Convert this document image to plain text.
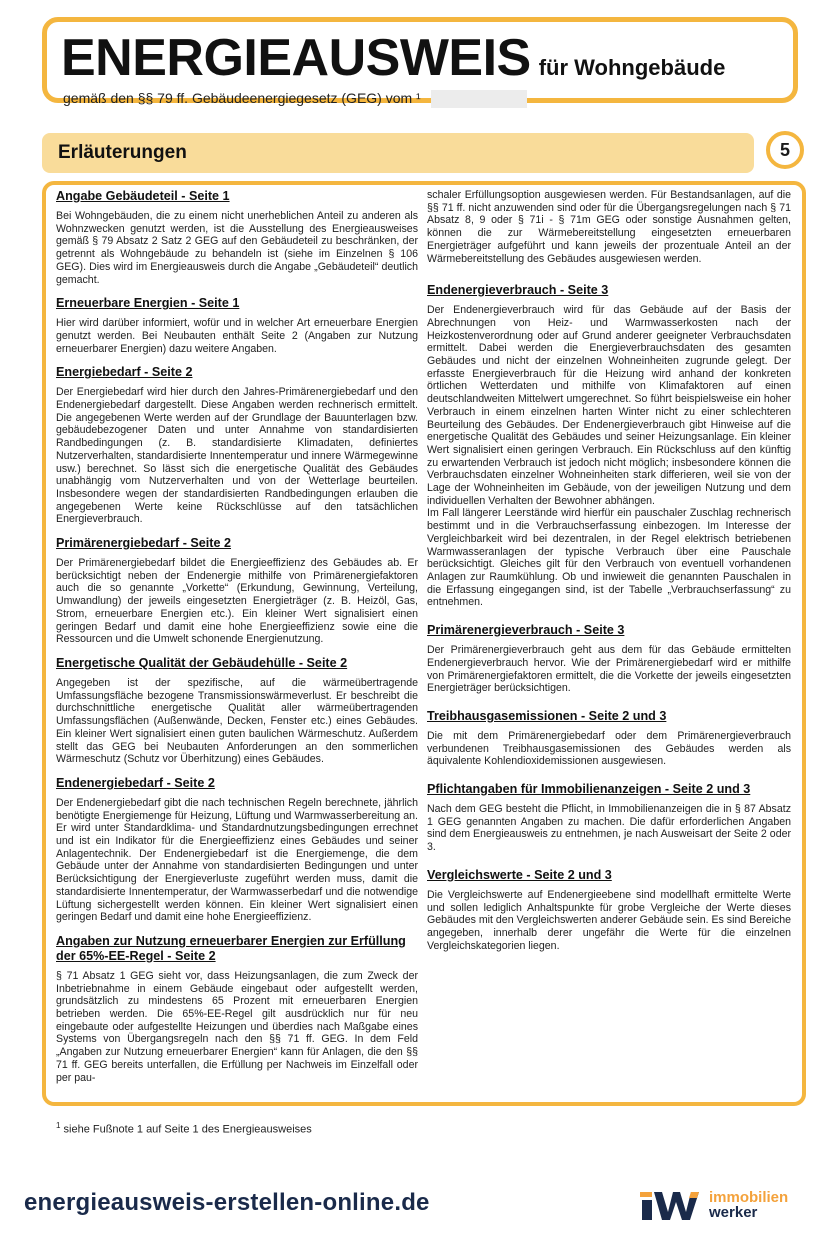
ENERGIEAUSWEIS für Wohngebäude
gemäß den §§ 79 ff. Gebäudeenergiegesetz (GEG) vom ¹
Erläuterungen	5
Angabe Gebäudeteil - Seite 1

Bei Wohngebäuden, die zu einem nicht unerheblichen Anteil zu anderen als Wohnzwecken genutzt werden, ist die Ausstellung des Energieausweises gemäß § 79 Absatz 2 Satz 2 GEG auf den Gebäudeteil zu beschränken, der getrennt als Wohngebäude zu behandeln ist (siehe im Einzelnen § 106 GEG). Dies wird im Energieausweis durch die Angabe „Gebäudeteil“ deutlich gemacht.

Erneuerbare Energien - Seite 1

Hier wird darüber informiert, wofür und in welcher Art erneuerbare Energien genutzt werden. Bei Neubauten enthält Seite 2 (Angaben zur Nutzung erneuerbarer Energien) dazu weitere Angaben.

Energiebedarf - Seite 2

Der Energiebedarf wird hier durch den Jahres-Primärenergiebedarf und den Endenergiebedarf dargestellt. Diese Angaben werden rechnerisch ermittelt. Die angegebenen Werte werden auf der Grundlage der Bauunterlagen bzw. gebäudebezogener Daten und unter Annahme von standardisierten Randbedingungen (z. B. standardisierte Klimadaten, definiertes Nutzerverhalten, standardisierte Innentemperatur und innere Wärmegewinne usw.) berechnet. So lässt sich die energetische Qualität des Gebäudes unabhängig vom Nutzerverhalten und von der Wetterlage beurteilen. Insbesondere wegen der standardisierten Randbedingungen erlauben die angegebenen Werte keine Rückschlüsse auf den tatsächlichen Energieverbrauch.

Primärenergiebedarf - Seite 2

Der Primärenergiebedarf bildet die Energieeffizienz des Gebäudes ab. Er berücksichtigt neben der Endenergie mithilfe von Primärenergiefaktoren auch die so genannte „Vorkette“ (Erkundung, Gewinnung, Verteilung, Umwandlung) der jeweils eingesetzten Energieträger (z. B. Heizöl, Gas, Strom, erneuerbare Energien etc.). Ein kleiner Wert signalisiert einen geringen Bedarf und damit eine hohe Energieeffizienz sowie eine die Ressourcen und die Umwelt schonende Energienutzung.

Energetische Qualität der Gebäudehülle - Seite 2

Angegeben ist der spezifische, auf die wärmeübertragende Umfassungsfläche bezogene Transmissionswärmeverlust. Er beschreibt die durchschnittliche energetische Qualität aller wärmeübertragenden Umfassungsflächen (Außenwände, Decken, Fenster etc.) eines Gebäudes. Ein kleiner Wert signalisiert einen guten baulichen Wärmeschutz. Außerdem stellt das GEG bei Neubauten Anforderungen an den sommerlichen Wärmeschutz (Schutz vor Überhitzung) eines Gebäudes.

Endenergiebedarf - Seite 2

Der Endenergiebedarf gibt die nach technischen Regeln berechnete, jährlich benötigte Energiemenge für Heizung, Lüftung und Warmwasserbereitung an. Er wird unter Standardklima- und Standardnutzungsbedingungen errechnet und ist ein Indikator für die Energieeffizienz eines Gebäudes und seiner Anlagentechnik. Der Endenergiebedarf ist die Energiemenge, die dem Gebäude unter der Annahme von standardisierten Bedingungen und unter Berücksichtigung der Energieverluste zugeführt werden muss, damit die standardisierte Innentemperatur, der Warmwasserbedarf und die notwendige Lüftung sichergestellt werden können. Ein kleiner Wert signalisiert einen geringen Bedarf und damit eine hohe Energieeffizienz.

Angaben zur Nutzung erneuerbarer Energien zur Erfüllung der 65%-EE-Regel - Seite 2

§ 71 Absatz 1 GEG sieht vor, dass Heizungsanlagen, die zum Zweck der Inbetriebnahme in einem Gebäude eingebaut oder aufgestellt werden, grundsätzlich zu mindestens 65 Prozent mit erneuerbaren Energien betrieben werden. Die 65%-EE-Regel gilt ausdrücklich nur für neu eingebaute oder aufgestellte Heizungen und überdies nach Maßgabe eines Systems von Übergangsregeln nach den §§ 71 ff. GEG. In dem Feld „Angaben zur Nutzung erneuerbarer Energien“ kann für Anlagen, die den §§ 71 ff. GEG bereits unterfallen, die Erfüllung per Nachweis im Einzelfall oder per pau-

schaler Erfüllungsoption ausgewiesen werden. Für Bestandsanlagen, auf die §§ 71 ff. nicht anzuwenden sind oder für die Übergangsregelungen nach § 71 Absatz 8, 9 oder § 71i - § 71m GEG oder sonstige Ausnahmen gelten, können die zur Wärmebereitstellung eingesetzten erneuerbaren Energieträger aufgeführt und kann jeweils der prozentuale Anteil an der Wärmebereitstellung des Gebäudes ausgewiesen werden.

Endenergieverbrauch - Seite 3

Der Endenergieverbrauch wird für das Gebäude auf der Basis der Abrechnungen von Heiz- und Warmwasserkosten nach der Heizkostenverordnung oder auf Grund anderer geeigneter Verbrauchsdaten ermittelt. Dabei werden die Energieverbrauchsdaten des gesamten Gebäudes und nicht der einzelnen Wohneinheiten zugrunde gelegt. Der erfasste Energieverbrauch für die Heizung wird anhand der konkreten örtlichen Wetterdaten und mithilfe von Klimafaktoren auf einen deutschlandweiten Mittelwert umgerechnet. So führt beispielsweise ein hoher Verbrauch in einem einzelnen harten Winter nicht zu einer schlechteren Beurteilung des Gebäudes. Der Endenergieverbrauch gibt Hinweise auf die energetische Qualität des Gebäudes und seiner Heizungsanlage. Ein kleiner Wert signalisiert einen geringen Verbrauch. Ein Rückschluss auf den künftig zu erwartenden Verbrauch ist jedoch nicht möglich; insbesondere können die Verbrauchsdaten einzelner Wohneinheiten stark differieren, weil sie von der Lage der Wohneinheiten im Gebäude, von der jeweiligen Nutzung und dem individuellen Verhalten der Bewohner abhängen.

Im Fall längerer Leerstände wird hierfür ein pauschaler Zuschlag rechnerisch bestimmt und in die Verbrauchserfassung einbezogen. Im Interesse der Vergleichbarkeit wird bei dezentralen, in der Regel elektrisch betriebenen Warmwasseranlagen der typische Verbrauch über eine Pauschale berücksichtigt. Gleiches gilt für den Verbrauch von eventuell vorhandenen Anlagen zur Raumkühlung. Ob und inwieweit die genannten Pauschalen in die Erfassung eingegangen sind, ist der Tabelle „Verbrauchserfassung“ zu entnehmen.

Primärenergieverbrauch - Seite 3

Der Primärenergieverbrauch geht aus dem für das Gebäude ermittelten Endenergieverbrauch hervor. Wie der Primärenergiebedarf wird er mithilfe von Primärenergiefaktoren ermittelt, die die Vorkette der jeweils eingesetzten Energieträger berücksichtigen.

Treibhausgasemissionen - Seite 2 und 3

Die mit dem Primärenergiebedarf oder dem Primärenergieverbrauch verbundenen Treibhausgasemissionen des Gebäudes werden als äquivalente Kohlendioxidemissionen ausgewiesen.

Pflichtangaben für Immobilienanzeigen - Seite 2 und 3

Nach dem GEG besteht die Pflicht, in Immobilienanzeigen die in § 87 Absatz 1 GEG genannten Angaben zu machen. Die dafür erforderlichen Angaben sind dem Energieausweis zu entnehmen, je nach Ausweisart der Seite 2 oder 3.

Vergleichswerte - Seite 2 und 3

Die Vergleichswerte auf Endenergieebene sind modellhaft ermittelte Werte und sollen lediglich Anhaltspunkte für grobe Vergleiche der Werte dieses Gebäudes mit den Vergleichswerten anderer Gebäude sein. Es sind Bereiche angegeben, innerhalb derer ungefähr die Werte für die einzelnen Vergleichskategorien liegen.

$^1$ siehe Fußnote 1 auf Seite 1 des Energieausweises
energieausweis-erstellen-online.de	immobilien
werker
